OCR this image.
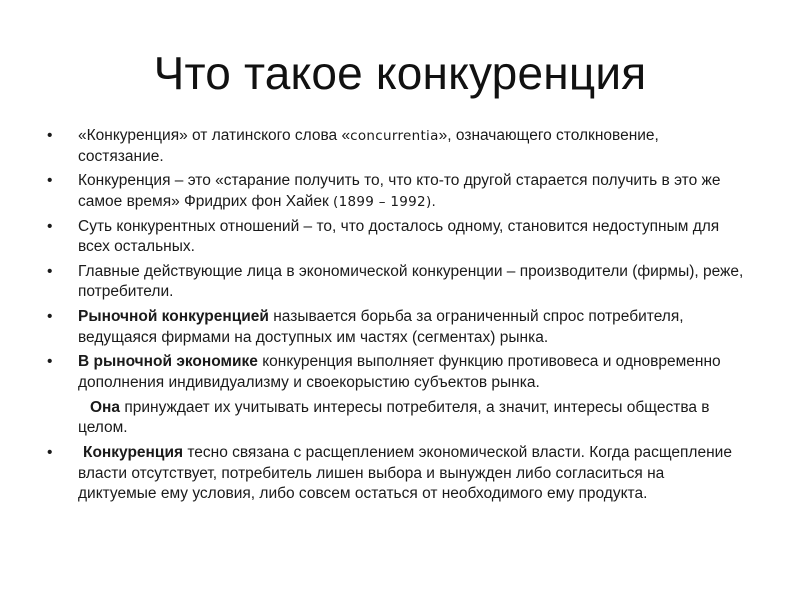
Что такое конкуренция
•	«Конкуренция» от латинского слова «concurrentia», означающего столкновение, состязание.
•	Конкуренция – это «старание получить то, что кто-то другой старается получить в это же самое время» Фридрих фон Хайек (1899 – 1992).
•	Суть конкурентных отношений – то, что досталось одному, становится недоступным для всех остальных.
•	Главные действующие лица в экономической конкуренции – производители (фирмы), реже, потребители.
•	Рыночной конкуренцией называется борьба за ограниченный спрос потребителя, ведущаяся фирмами на доступных им частях (сегментах) рынка.
•	В рыночной экономике конкуренция выполняет функцию противовеса и одновременно дополнения индивидуализму и своекорыстию субъектов рынка.
Она принуждает их учитывать интересы потребителя, а значит, интересы общества в целом.
•	Конкуренция тесно связана с расщеплением экономической власти. Когда расщепление власти отсутствует, потребитель лишен выбора и вынужден либо согласиться на диктуемые ему условия, либо совсем остаться от необходимого ему продукта.
